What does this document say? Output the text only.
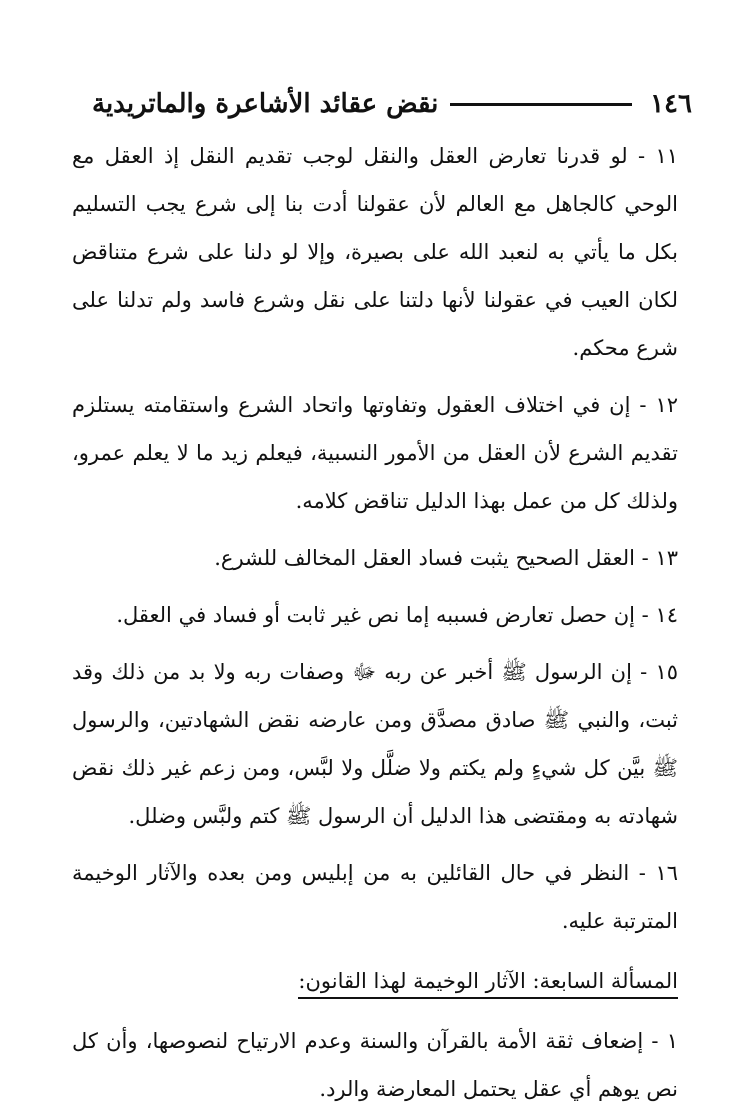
١٤٦
نقض عقائد الأشاعرة والماتريدية

١١ - لو قدرنا تعارض العقل والنقل لوجب تقديم النقل إذ العقل مع الوحي كالجاهل مع العالم لأن عقولنا أدت بنا إلى شرع يجب التسليم بكل ما يأتي به لنعبد الله على بصيرة، وإلا لو دلنا على شرع متناقض لكان العيب في عقولنا لأنها دلتنا على نقل وشرع فاسد ولم تدلنا على شرع محكم.

١٢ - إن في اختلاف العقول وتفاوتها واتحاد الشرع واستقامته يستلزم تقديم الشرع لأن العقل من الأمور النسبية، فيعلم زيد ما لا يعلم عمرو، ولذلك كل من عمل بهذا الدليل تناقض كلامه.

١٣ - العقل الصحيح يثبت فساد العقل المخالف للشرع.

١٤ - إن حصل تعارض فسببه إما نص غير ثابت أو فساد في العقل.

١٥ - إن الرسول ﷺ أخبر عن ربه ﷻ وصفات ربه ولا بد من ذلك وقد ثبت، والنبي ﷺ صادق مصدَّق ومن عارضه نقض الشهادتين، والرسول ﷺ بيَّن كل شيءٍ ولم يكتم ولا ضلَّل ولا لبَّس، ومن زعم غير ذلك نقض شهادته به ومقتضى هذا الدليل أن الرسول ﷺ كتم ولبَّس وضلل.

١٦ - النظر في حال القائلين به من إبليس ومن بعده والآثار الوخيمة المترتبة عليه.

المسألة السابعة: الآثار الوخيمة لهذا القانون:

١ - إضعاف ثقة الأمة بالقرآن والسنة وعدم الارتياح لنصوصها، وأن كل نص يوهم أي عقل يحتمل المعارضة والرد.
